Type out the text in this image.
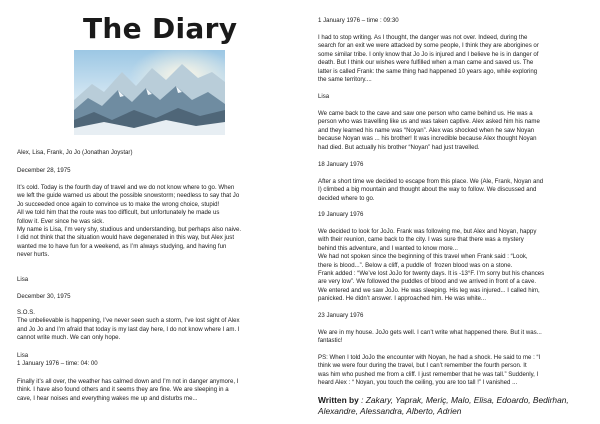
The Diary

Alex, Lisa, Frank, Jo Jo (Jonathan Joystar)

December 28, 1975

It’s cold. Today is the fourth day of travel and we do not know where to go. When
we left the guide warned us about the possible snowstorm; needless to say that Jo
Jo succeeded once again to convince us to make the wrong choice, stupid!
All we told him that the route was too difficult, but unfortunately he made us
follow it. Ever since he was sick.
My name is Lisa, I’m very shy, studious and understanding, but perhaps also naive.
I did not think that the situation would have degenerated in this way, but Alex just
wanted me to have fun for a weekend, as I’m always studying, and having fun
never hurts.

Lisa

December 30, 1975

S.O.S.
The unbelievable is happening, I’ve never seen such a storm, I’ve lost sight of Alex
and Jo Jo and I’m afraid that today is my last day here, I do not know where I am. I
cannot write much. We can only hope.

Lisa
1 January 1976 – time: 04: 00

Finally it’s all over, the weather has calmed down and I’m not in danger anymore, I
think. I have also found others and it seems they are fine. We are sleeping in a
cave, I hear noises and everything wakes me up and disturbs me...

1 January 1976 – time : 09:30

I had to stop writing. As I thought, the danger was not over. Indeed, during the
search for an exit we were attacked by some people, I think they are aborigines or
some similar tribe. I only know that Jo Jo is injured and I believe he is in danger of
death. But I think our wishes were fulfilled when a man came and saved us. The
latter is called Frank: the same thing had happened 10 years ago, while exploring
the same territory....

Lisa

We came back to the cave and saw one person who came behind us. He was a
person who was travelling like us and was taken captive. Alex asked him his name
and they learned his name was “Noyan”. Alex was shocked when he saw Noyan
because Noyan was ... his brother! It was incredible because Alex thought Noyan
had died. But actually his brother “Noyan” had just travelled.

18 January 1976

After a short time we decided to escape from this place. We (Ale, Frank, Noyan and
I) climbed a big mountain and thought about the way to follow. We discussed and
decided where to go.

19 January 1976

We decided to look for JoJo. Frank was following me, but Alex and Noyan, happy
with their reunion, came back to the city. I was sure that there was a mystery
behind this adventure, and I wanted to know more...
We had not spoken since the beginning of this travel when Frank said : “Look,
there is blood...”. Below a cliff, a puddle of  frozen blood was on a stone.
Frank added : “We’ve lost JoJo for twenty days. It is -13°F. I’m sorry but his chances
are very low”. We followed the puddles of blood and we arrived in front of a cave.
We entered and we saw JoJo. He was sleeping. His leg was injured... I called him,
panicked. He didn’t answer. I approached him. He was white...

23 January 1976

We are in my house. JoJo gets well. I can’t write what happened there. But it was...
fantastic!

PS: When I told JoJo the encounter with Noyan, he had a shock. He said to me : “I
think we were four during the travel, but I can’t remember the fourth person. It
was him who pushed me from a cliff. I just remember that he was tall.” Suddenly, I
heard Alex : “ Noyan, you touch the ceiling, you are too tall !” I vanished ...

Written by : Zakary, Yaprak, Meriç, Malo, Elisa, Edoardo, Bedirhan,
Alexandre, Alessandra, Alberto, Adrien
